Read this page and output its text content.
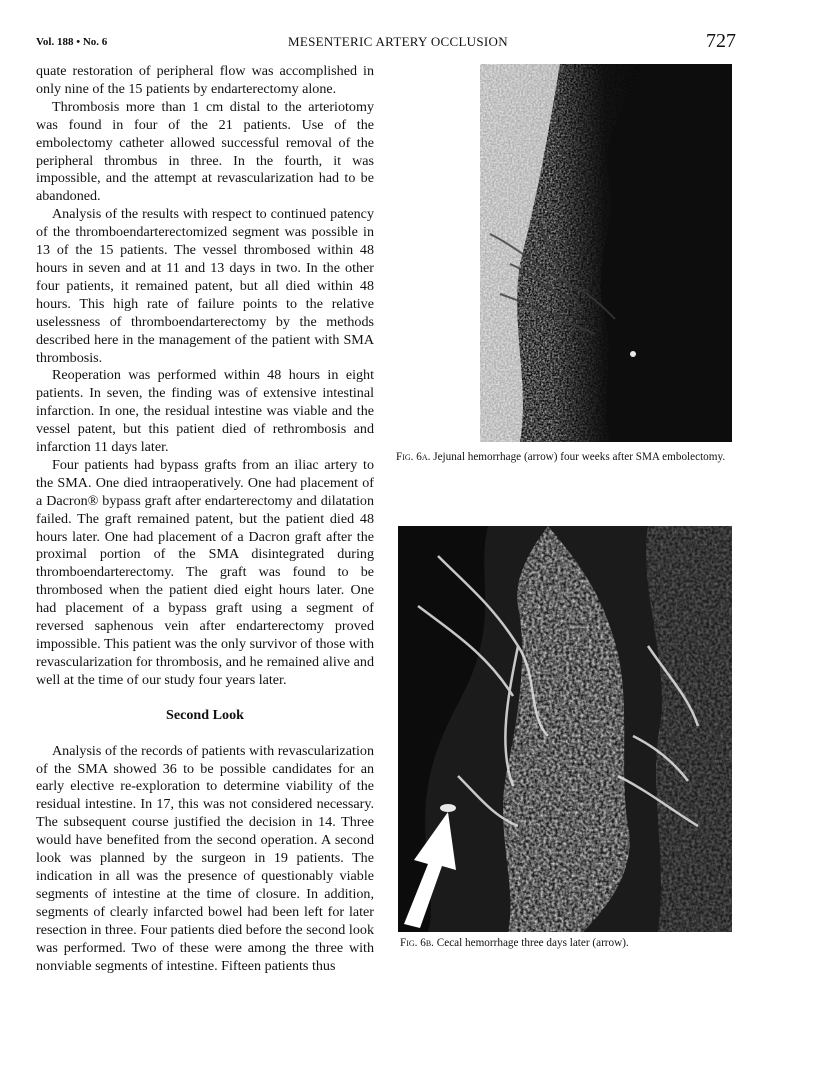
Vol. 188 • No. 6	MESENTERIC ARTERY OCCLUSION	727

quate restoration of peripheral flow was accomplished in only nine of the 15 patients by endarterectomy alone.

Thrombosis more than 1 cm distal to the arteriotomy was found in four of the 21 patients. Use of the embolectomy catheter allowed successful removal of the peripheral thrombus in three. In the fourth, it was impossible, and the attempt at revascularization had to be abandoned.

Analysis of the results with respect to continued patency of the thromboendarterectomized segment was possible in 13 of the 15 patients. The vessel thrombosed within 48 hours in seven and at 11 and 13 days in two. In the other four patients, it remained patent, but all died within 48 hours. This high rate of failure points to the relative uselessness of thromboendarterectomy by the methods described here in the management of the patient with SMA thrombosis.

Reoperation was performed within 48 hours in eight patients. In seven, the finding was of extensive intestinal infarction. In one, the residual intestine was viable and the vessel patent, but this patient died of rethrombosis and infarction 11 days later.

Four patients had bypass grafts from an iliac artery to the SMA. One died intraoperatively. One had placement of a Dacron® bypass graft after endarterectomy and dilatation failed. The graft remained patent, but the patient died 48 hours later. One had placement of a Dacron graft after the proximal portion of the SMA disintegrated during thromboendarterectomy. The graft was found to be thrombosed when the patient died eight hours later. One had placement of a bypass graft using a segment of reversed saphenous vein after endarterectomy proved impossible. This patient was the only survivor of those with revascularization for thrombosis, and he remained alive and well at the time of our study four years later.

Second Look

Analysis of the records of patients with revascularization of the SMA showed 36 to be possible candidates for an early elective re-exploration to determine viability of the residual intestine. In 17, this was not considered necessary. The subsequent course justified the decision in 14. Three would have benefited from the second operation. A second look was planned by the surgeon in 19 patients. The indication in all was the presence of questionably viable segments of intestine at the time of closure. In addition, segments of clearly infarcted bowel had been left for later resection in three. Four patients died before the second look was performed. Two of these were among the three with nonviable segments of intestine. Fifteen patients thus

Fig. 6a. Jejunal hemorrhage (arrow) four weeks after SMA embolectomy.
Fig. 6b. Cecal hemorrhage three days later (arrow).
